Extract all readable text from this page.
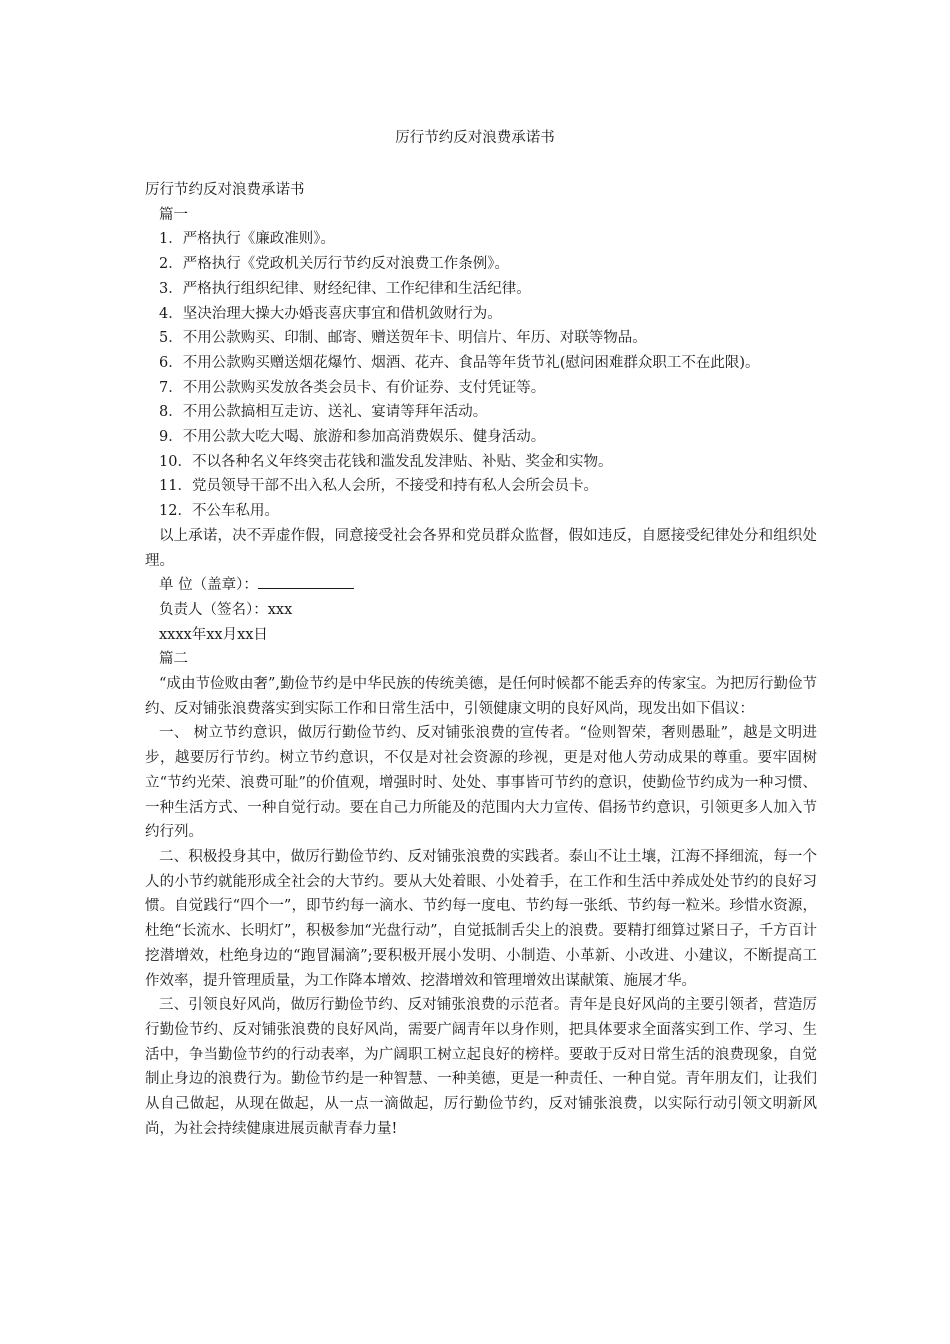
厉行节约反对浪费承诺书
厉行节约反对浪费承诺书
篇一
1．严格执行《廉政准则》。
2．严格执行《党政机关厉行节约反对浪费工作条例》。
3．严格执行组织纪律、财经纪律、工作纪律和生活纪律。
4．坚决治理大操大办婚丧喜庆事宜和借机敛财行为。
5．不用公款购买、印制、邮寄、赠送贺年卡、明信片、年历、对联等物品。
6．不用公款购买赠送烟花爆竹、烟酒、花卉、食品等年货节礼(慰问困难群众职工不在此限)。
7．不用公款购买发放各类会员卡、有价证券、支付凭证等。
8．不用公款搞相互走访、送礼、宴请等拜年活动。
9．不用公款大吃大喝、旅游和参加高消费娱乐、健身活动。
10．不以各种名义年终突击花钱和滥发乱发津贴、补贴、奖金和实物。
11．党员领导干部不出入私人会所，不接受和持有私人会所会员卡。
12．不公车私用。
以上承诺，决不弄虚作假，同意接受社会各界和党员群众监督，假如违反，自愿接受纪律处分和组织处理。
单 位（盖章）：
负责人（签名）：xxx
xxxx年xx月xx日
篇二
“成由节俭败由奢”,勤俭节约是中华民族的传统美德，是任何时候都不能丢弃的传家宝。为把厉行勤俭节约、反对铺张浪费落实到实际工作和日常生活中，引领健康文明的良好风尚，现发出如下倡议：
一、 树立节约意识，做厉行勤俭节约、反对铺张浪费的宣传者。“俭则智荣，奢则愚耻”，越是文明进步，越要厉行节约。树立节约意识，不仅是对社会资源的珍视，更是对他人劳动成果的尊重。要牢固树立“节约光荣、浪费可耻”的价值观，增强时时、处处、事事皆可节约的意识，使勤俭节约成为一种习惯、一种生活方式、一种自觉行动。要在自己力所能及的范围内大力宣传、倡扬节约意识，引领更多人加入节约行列。
二、积极投身其中，做厉行勤俭节约、反对铺张浪费的实践者。泰山不让土壤，江海不择细流，每一个人的小节约就能形成全社会的大节约。要从大处着眼、小处着手，在工作和生活中养成处处节约的良好习惯。自觉践行“四个一”，即节约每一滴水、节约每一度电、节约每一张纸、节约每一粒米。珍惜水资源，杜绝“长流水、长明灯”，积极参加“光盘行动”，自觉抵制舌尖上的浪费。要精打细算过紧日子，千方百计挖潜增效，杜绝身边的“跑冒漏滴”;要积极开展小发明、小制造、小革新、小改进、小建议，不断提高工作效率，提升管理质量，为工作降本增效、挖潜增效和管理增效出谋献策、施展才华。
三、引领良好风尚，做厉行勤俭节约、反对铺张浪费的示范者。青年是良好风尚的主要引领者，营造厉行勤俭节约、反对铺张浪费的良好风尚，需要广阔青年以身作则，把具体要求全面落实到工作、学习、生活中，争当勤俭节约的行动表率，为广阔职工树立起良好的榜样。要敢于反对日常生活的浪费现象，自觉制止身边的浪费行为。勤俭节约是一种智慧、一种美德，更是一种责任、一种自觉。青年朋友们，让我们从自己做起，从现在做起，从一点一滴做起，厉行勤俭节约，反对铺张浪费，以实际行动引领文明新风尚，为社会持续健康进展贡献青春力量!
